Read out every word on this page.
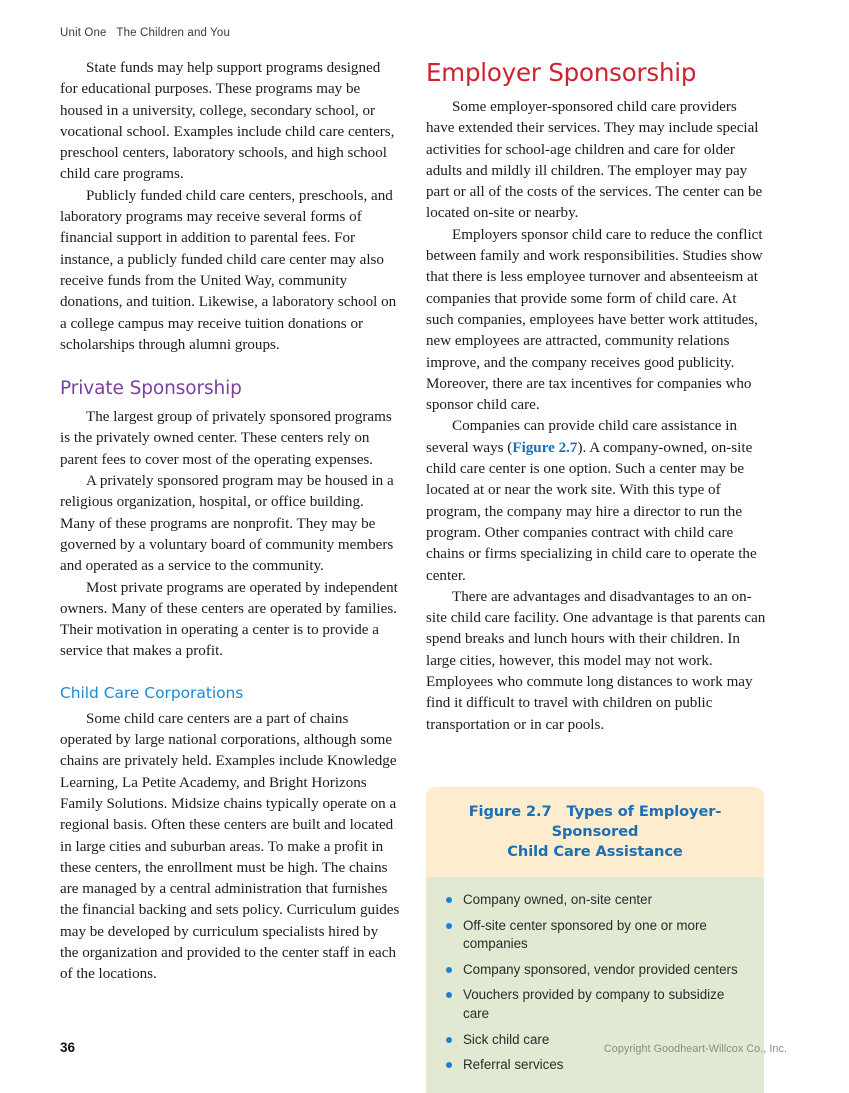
Unit One   The Children and You

State funds may help support programs designed for educational purposes. These programs may be housed in a university, college, secondary school, or vocational school. Examples include child care centers, preschool centers, laboratory schools, and high school child care programs.

Publicly funded child care centers, preschools, and laboratory programs may receive several forms of financial support in addition to parental fees. For instance, a publicly funded child care center may also receive funds from the United Way, community donations, and tuition. Likewise, a laboratory school on a college campus may receive tuition donations or scholarships through alumni groups.

Private Sponsorship

The largest group of privately sponsored programs is the privately owned center. These centers rely on parent fees to cover most of the operating expenses.

A privately sponsored program may be housed in a religious organization, hospital, or office building. Many of these programs are nonprofit. They may be governed by a voluntary board of community members and operated as a service to the community.

Most private programs are operated by independent owners. Many of these centers are operated by families. Their motivation in operating a center is to provide a service that makes a profit.

Child Care Corporations

Some child care centers are a part of chains operated by large national corporations, although some chains are privately held. Examples include Knowledge Learning, La Petite Academy, and Bright Horizons Family Solutions. Midsize chains typically operate on a regional basis. Often these centers are built and located in large cities and suburban areas. To make a profit in these centers, the enrollment must be high. The chains are managed by a central administration that furnishes the financial backing and sets policy. Curriculum guides may be developed by curriculum specialists hired by the organization and provided to the center staff in each of the locations.

Employer Sponsorship

Some employer-sponsored child care providers have extended their services. They may include special activities for school-age children and care for older adults and mildly ill children. The employer may pay part or all of the costs of the services. The center can be located on-site or nearby.

Employers sponsor child care to reduce the conflict between family and work responsibilities. Studies show that there is less employee turnover and absenteeism at companies that provide some form of child care. At such companies, employees have better work attitudes, new employees are attracted, community relations improve, and the company receives good publicity. Moreover, there are tax incentives for companies who sponsor child care.

Companies can provide child care assistance in several ways (Figure 2.7). A company-owned, on-site child care center is one option. Such a center may be located at or near the work site. With this type of program, the company may hire a director to run the program. Other companies contract with child care chains or firms specializing in child care to operate the center.

There are advantages and disadvantages to an on-site child care facility. One advantage is that parents can spend breaks and lunch hours with their children. In large cities, however, this model may not work. Employees who commute long distances to work may find it difficult to travel with children on public transportation or in car pools.

Figure 2.7 Types of Employer-Sponsored
Child Care Assistance
Company owned, on-site center
Off-site center sponsored by one or more companies
Company sponsored, vendor provided centers
Vouchers provided by company to subsidize care
Sick child care
Referral services
36	Copyright Goodheart-Willcox Co., Inc.
